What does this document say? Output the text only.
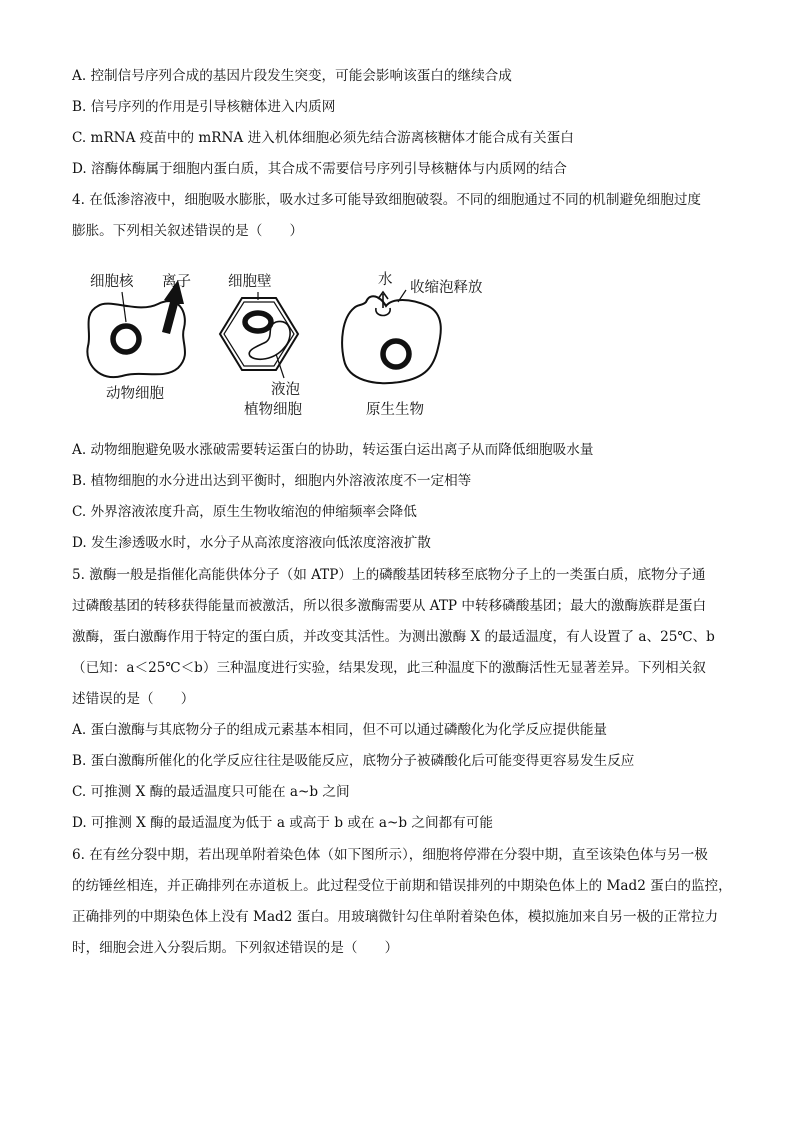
A. 控制信号序列合成的基因片段发生突变，可能会影响该蛋白的继续合成
B. 信号序列的作用是引导核糖体进入内质网
C. mRNA 疫苗中的 mRNA 进入机体细胞必须先结合游离核糖体才能合成有关蛋白
D. 溶酶体酶属于细胞内蛋白质，其合成不需要信号序列引导核糖体与内质网的结合
4. 在低渗溶液中，细胞吸水膨胀，吸水过多可能导致细胞破裂。不同的细胞通过不同的机制避免细胞过度
膨胀。下列相关叙述错误的是（　　）
细胞核 离子
动物细胞
细胞壁
液泡
植物细胞
水 收缩泡释放
原生生物
A. 动物细胞避免吸水涨破需要转运蛋白的协助，转运蛋白运出离子从而降低细胞吸水量
B. 植物细胞的水分进出达到平衡时，细胞内外溶液浓度不一定相等
C. 外界溶液浓度升高，原生生物收缩泡的伸缩频率会降低
D. 发生渗透吸水时，水分子从高浓度溶液向低浓度溶液扩散
5. 激酶一般是指催化高能供体分子（如 ATP）上的磷酸基团转移至底物分子上的一类蛋白质，底物分子通
过磷酸基团的转移获得能量而被激活，所以很多激酶需要从 ATP 中转移磷酸基团；最大的激酶族群是蛋白
激酶，蛋白激酶作用于特定的蛋白质，并改变其活性。为测出激酶 X 的最适温度，有人设置了 a、25℃、b
（已知：a＜25℃＜b）三种温度进行实验，结果发现，此三种温度下的激酶活性无显著差异。下列相关叙
述错误的是（　　）
A. 蛋白激酶与其底物分子的组成元素基本相同，但不可以通过磷酸化为化学反应提供能量
B. 蛋白激酶所催化的化学反应往往是吸能反应，底物分子被磷酸化后可能变得更容易发生反应
C. 可推测 X 酶的最适温度只可能在 a~b 之间
D. 可推测 X 酶的最适温度为低于 a 或高于 b 或在 a~b 之间都有可能
6. 在有丝分裂中期，若出现单附着染色体（如下图所示），细胞将停滞在分裂中期，直至该染色体与另一极
的纺锤丝相连，并正确排列在赤道板上。此过程受位于前期和错误排列的中期染色体上的 Mad2 蛋白的监控，
正确排列的中期染色体上没有 Mad2 蛋白。用玻璃微针勾住单附着染色体，模拟施加来自另一极的正常拉力
时，细胞会进入分裂后期。下列叙述错误的是（　　）
